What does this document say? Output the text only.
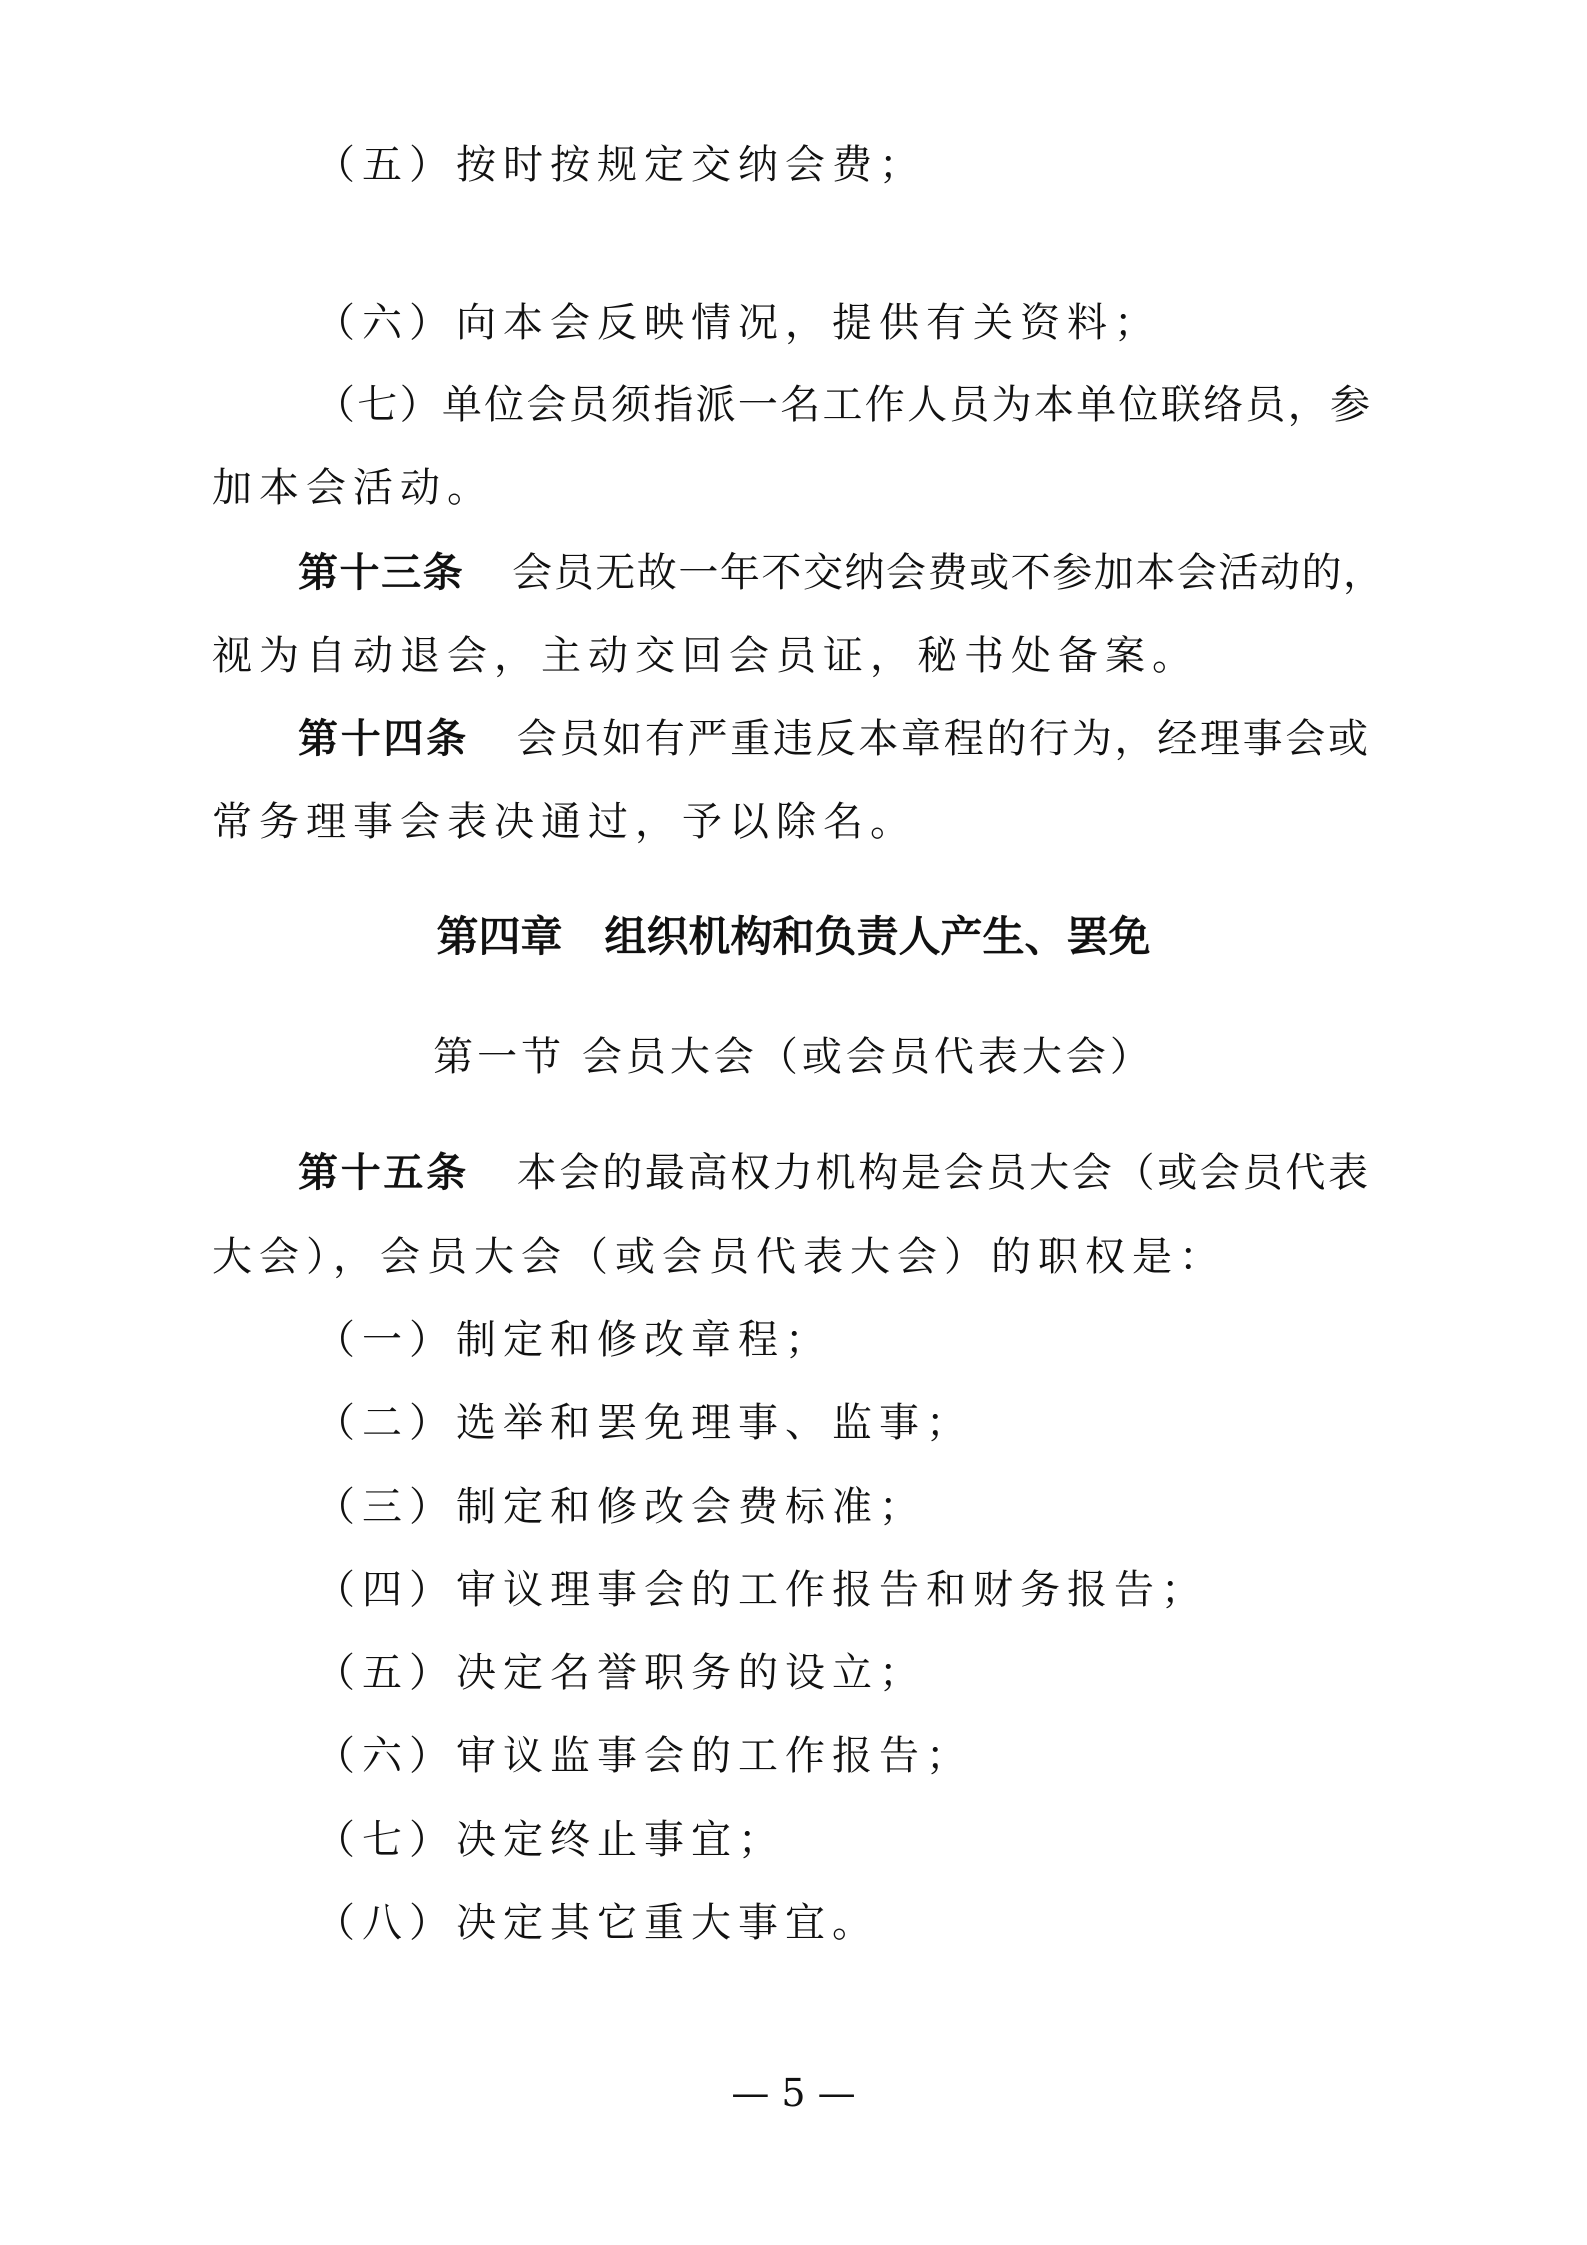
（五）按时按规定交纳会费；
（六）向本会反映情况，提供有关资料；
（七）单位会员须指派一名工作人员为本单位联络员，参
加本会活动。
第十三条 会员无故一年不交纳会费或不参加本会活动的，
视为自动退会，主动交回会员证，秘书处备案。
第十四条 会员如有严重违反本章程的行为，经理事会或
常务理事会表决通过，予以除名。
第四章　组织机构和负责人产生、罢免
第一节 会员大会（或会员代表大会）
第十五条 本会的最高权力机构是会员大会（或会员代表
大会），会员大会（或会员代表大会）的职权是：
（一）制定和修改章程；
（二）选举和罢免理事、监事；
（三）制定和修改会费标准；
（四）审议理事会的工作报告和财务报告；
（五）决定名誉职务的设立；
（六）审议监事会的工作报告；
（七）决定终止事宜；
（八）决定其它重大事宜。
— 5 —
